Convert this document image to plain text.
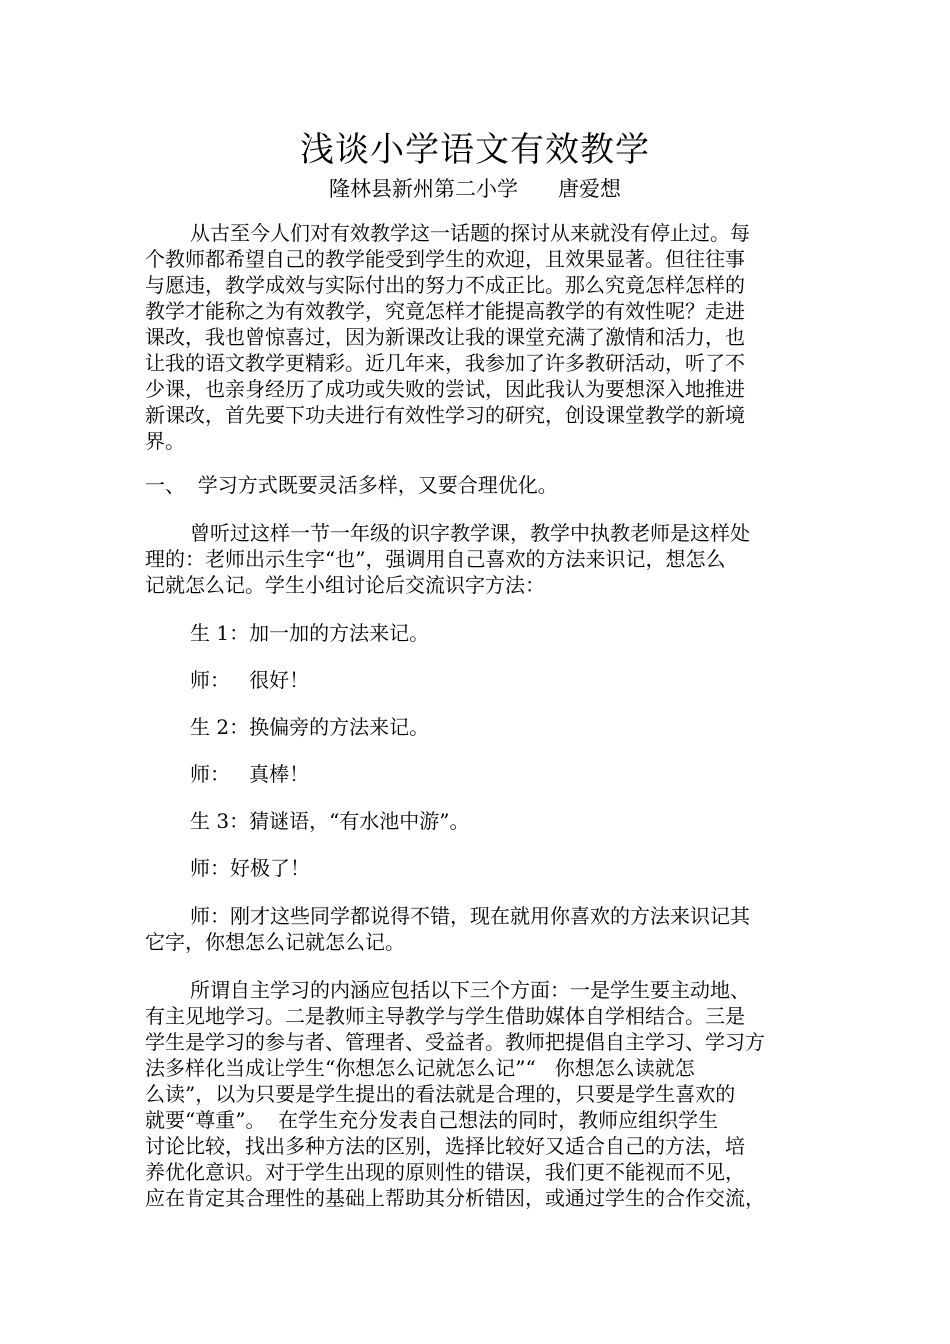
浅谈小学语文有效教学
隆林县新州第二小学 唐爱想
从古至今人们对有效教学这一话题的探讨从来就没有停止过。每
个教师都希望自己的教学能受到学生的欢迎，且效果显著。但往往事
与愿违，教学成效与实际付出的努力不成正比。那么究竟怎样怎样的
教学才能称之为有效教学，究竟怎样才能提高教学的有效性呢？走进
课改，我也曾惊喜过，因为新课改让我的课堂充满了激情和活力，也
让我的语文教学更精彩。近几年来，我参加了许多教研活动，听了不
少课，也亲身经历了成功或失败的尝试，因此我认为要想深入地推进
新课改，首先要下功夫进行有效性学习的研究，创设课堂教学的新境
界。
一、  学习方式既要灵活多样，又要合理优化。
曾听过这样一节一年级的识字教学课，教学中执教老师是这样处
理的：老师出示生字“也”，强调用自己喜欢的方法来识记，想怎么
记就怎么记。学生小组讨论后交流识字方法：
生 1：加一加的方法来记。
师：   很好！
生 2：换偏旁的方法来记。
师：   真棒！
生 3：猜谜语，“有水池中游”。
师：好极了！
师：刚才这些同学都说得不错，现在就用你喜欢的方法来识记其
它字，你想怎么记就怎么记。
所谓自主学习的内涵应包括以下三个方面：一是学生要主动地、
有主见地学习。二是教师主导教学与学生借助媒体自学相结合。三是
学生是学习的参与者、管理者、受益者。教师把提倡自主学习、学习方
法多样化当成让学生“你想怎么记就怎么记”“   你想怎么读就怎
么读”，以为只要是学生提出的看法就是合理的，只要是学生喜欢的
就要“尊重”。  在学生充分发表自己想法的同时，教师应组织学生
讨论比较，找出多种方法的区别，选择比较好又适合自己的方法，培
养优化意识。对于学生出现的原则性的错误，我们更不能视而不见，
应在肯定其合理性的基础上帮助其分析错因，或通过学生的合作交流，
